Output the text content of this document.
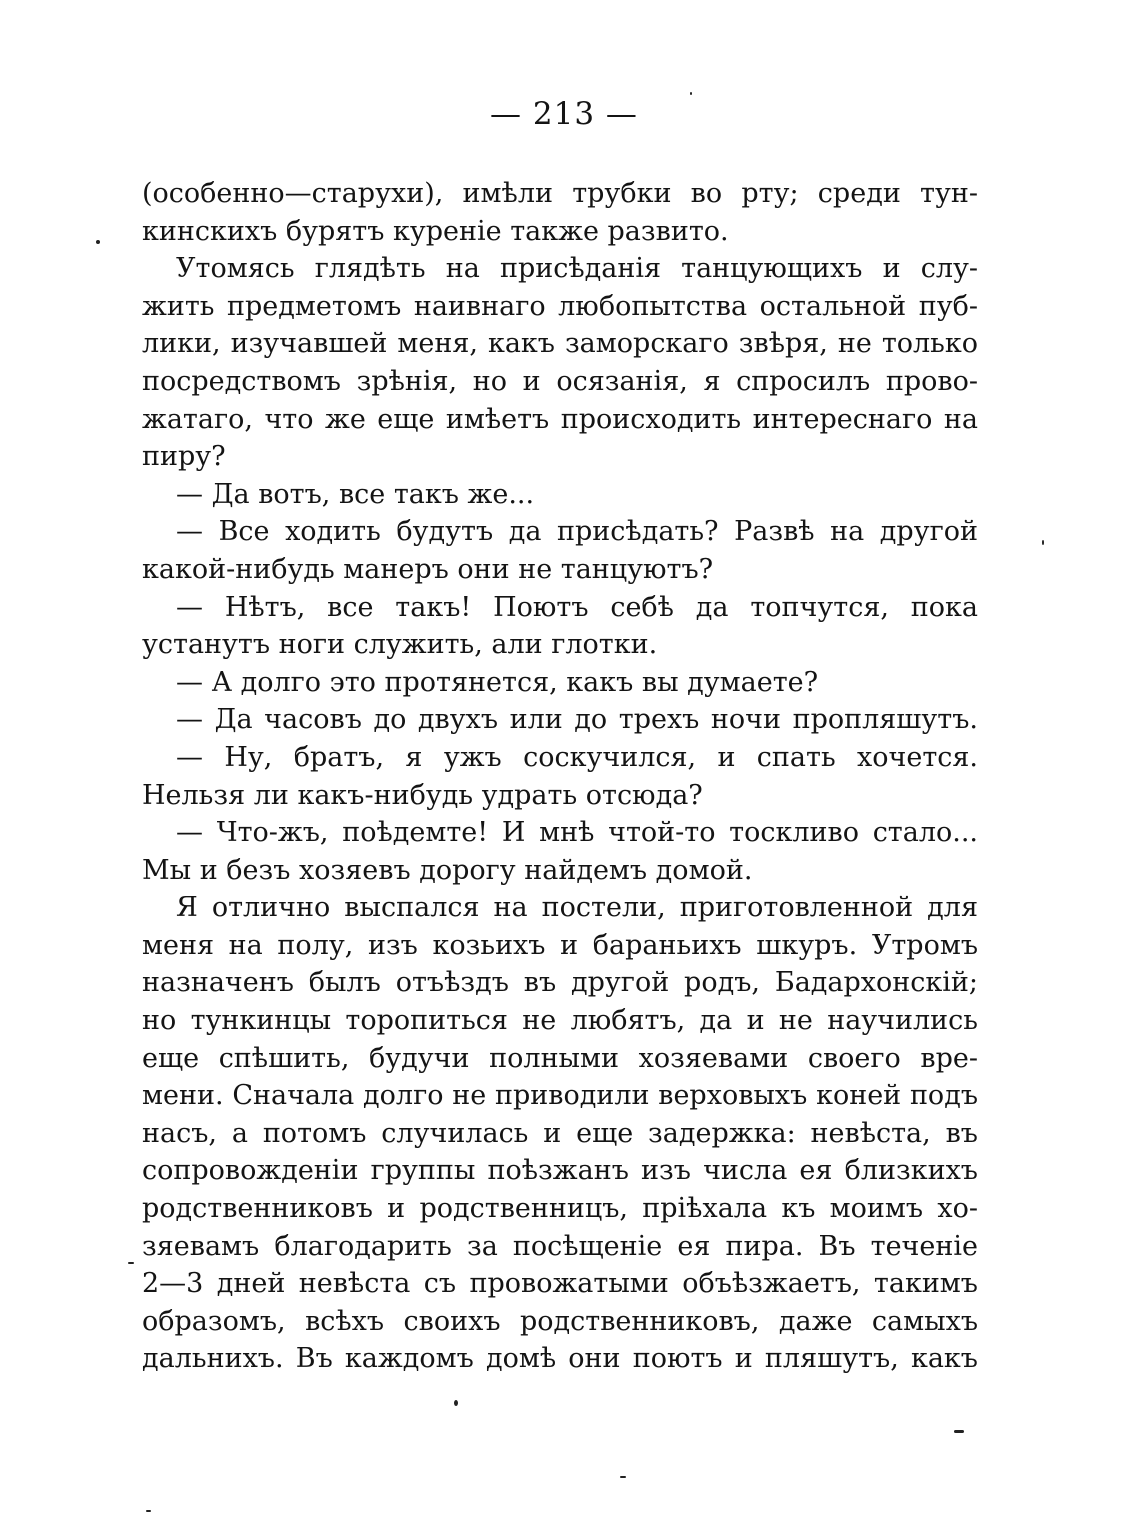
— 213 —
(особенно—старухи), имѣли трубки во рту; среди тун-
кинскихъ бурятъ куреніе также развито.
Утомясь глядѣть на присѣданія танцующихъ и слу-
жить предметомъ наивнаго любопытства остальной пуб-
лики, изучавшей меня, какъ заморскаго звѣря, не только
посредствомъ зрѣнія, но и осязанія, я спросилъ прово-
жатаго, что же еще имѣетъ происходить интереснаго на
пиру?
— Да вотъ, все такъ же...
— Все ходить будутъ да присѣдать? Развѣ на другой
какой-нибудь манеръ они не танцуютъ?
— Нѣтъ, все такъ! Поютъ себѣ да топчутся, пока
устанутъ ноги служить, али глотки.
— А долго это протянется, какъ вы думаете?
— Да часовъ до двухъ или до трехъ ночи пропляшутъ.
— Ну, братъ, я ужъ соскучился, и спать хочется.
Нельзя ли какъ-нибудь удрать отсюда?
— Что-жъ, поѣдемте! И мнѣ чтой-то тоскливо стало...
Мы и безъ хозяевъ дорогу найдемъ домой.
Я отлично выспался на постели, приготовленной для
меня на полу, изъ козьихъ и бараньихъ шкуръ. Утромъ
назначенъ былъ отъѣздъ въ другой родъ, Бадархонскій;
но тункинцы торопиться не любятъ, да и не научились
еще спѣшить, будучи полными хозяевами своего вре-
мени. Сначала долго не приводили верховыхъ коней подъ
насъ, а потомъ случилась и еще задержка: невѣста, въ
сопровожденіи группы поѣзжанъ изъ числа ея близкихъ
родственниковъ и родственницъ, пріѣхала къ моимъ хо-
зяевамъ благодарить за посѣщеніе ея пира. Въ теченіе
2—3 дней невѣста съ провожатыми объѣзжаетъ, такимъ
образомъ, всѣхъ своихъ родственниковъ, даже самыхъ
дальнихъ. Въ каждомъ домѣ они поютъ и пляшутъ, какъ
